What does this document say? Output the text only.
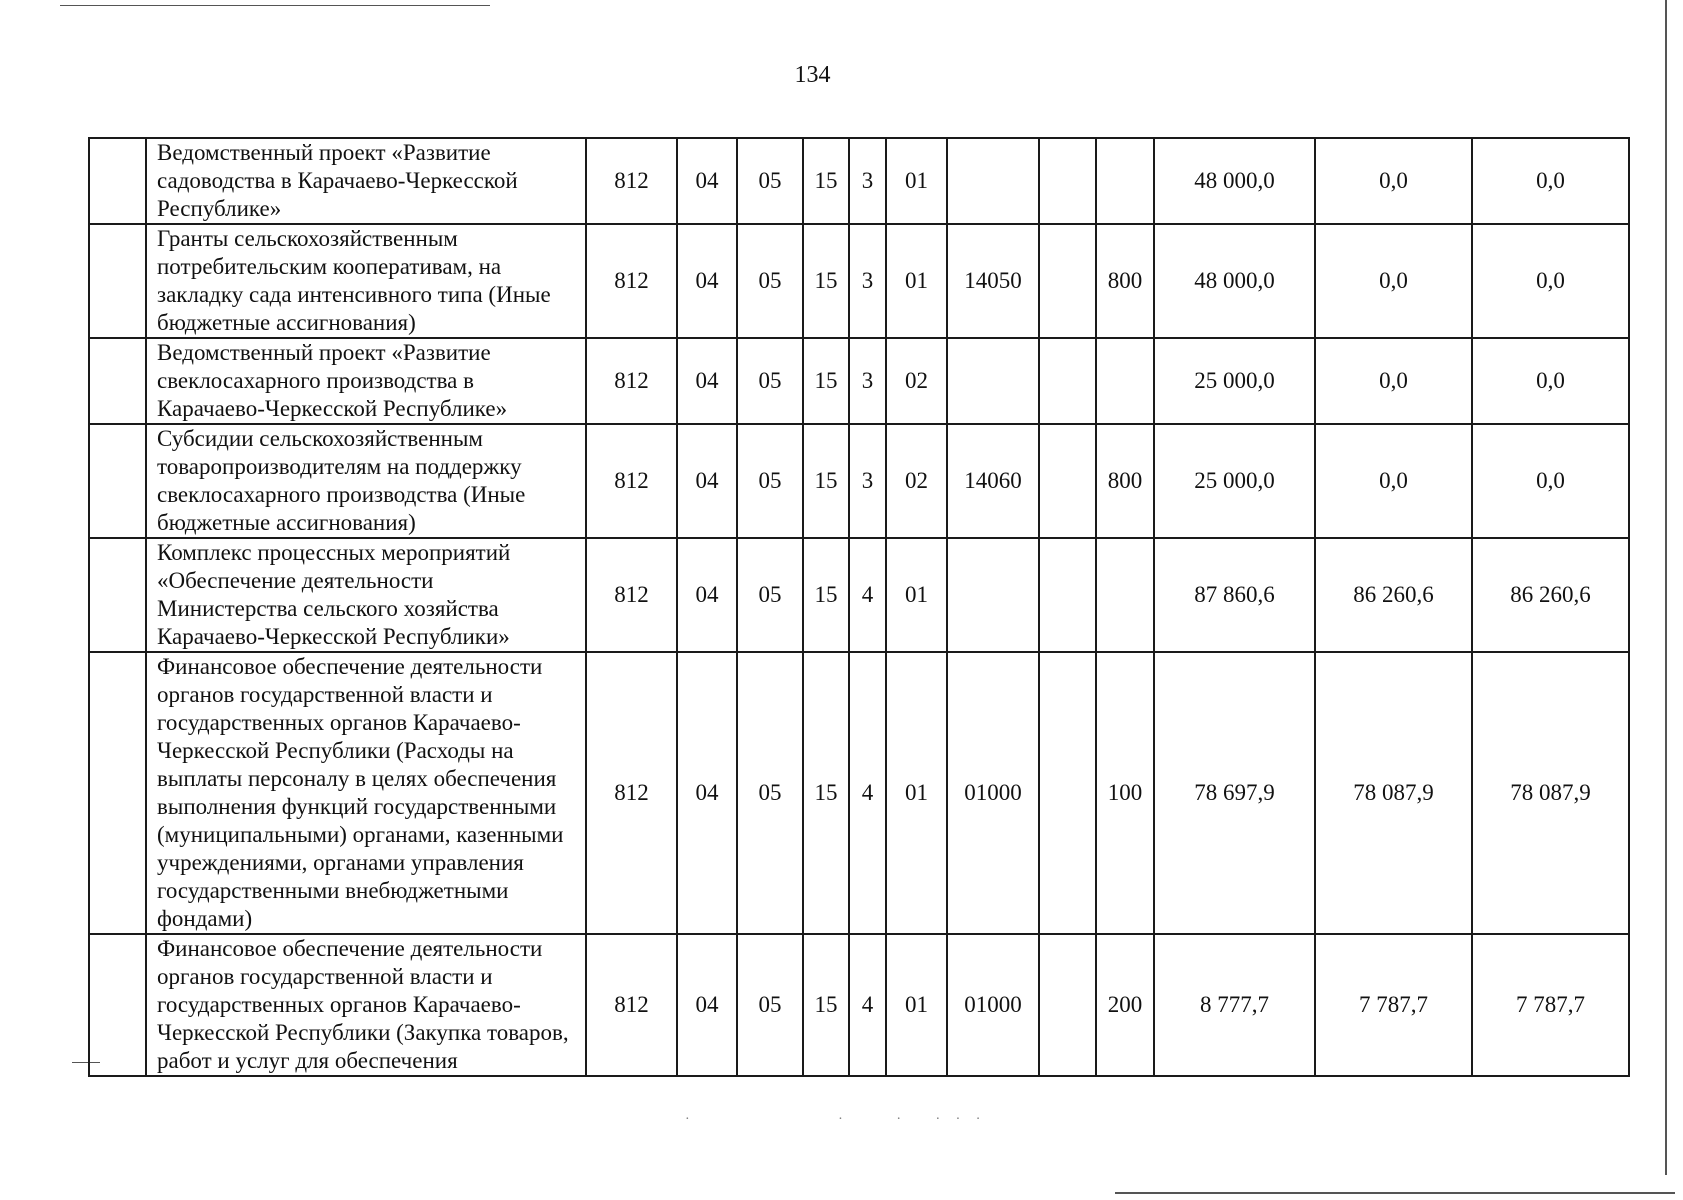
134
	Ведомственный проект «Развитие садоводства в Карачаево-Черкесской Республике»	812	04	05	15	3	01				48 000,0	0,0	0,0
	Гранты сельскохозяйственным потребительским кооперативам, на закладку сада интенсивного типа (Иные бюджетные ассигнования)	812	04	05	15	3	01	14050		800	48 000,0	0,0	0,0
	Ведомственный проект «Развитие свеклосахарного производства в Карачаево-Черкесской Республике»	812	04	05	15	3	02				25 000,0	0,0	0,0
	Субсидии сельскохозяйственным товаропроизводителям на поддержку свеклосахарного производства (Иные бюджетные ассигнования)	812	04	05	15	3	02	14060		800	25 000,0	0,0	0,0
	Комплекс процессных мероприятий «Обеспечение деятельности Министерства сельского хозяйства Карачаево-Черкесской Республики»	812	04	05	15	4	01				87 860,6	86 260,6	86 260,6
	Финансовое обеспечение деятельности органов государственной власти и государственных органов Карачаево-Черкесской Республики (Расходы на выплаты персоналу в целях обеспечения выполнения функций государственными (муниципальными) органами, казенными учреждениями, органами управления государственными внебюджетными фондами)	812	04	05	15	4	01	01000		100	78 697,9	78 087,9	78 087,9
	Финансовое обеспечение деятельности органов государственной власти и государственных органов Карачаево-Черкесской Республики (Закупка товаров, работ и услуг для обеспечения	812	04	05	15	4	01	01000		200	8 777,7	7 787,7	7 787,7
·               ·     ·   · · ·
